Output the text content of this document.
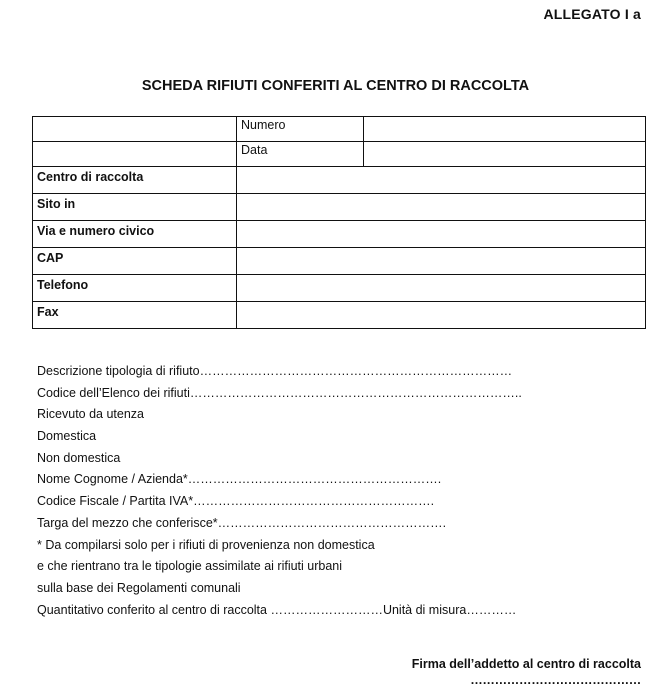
ALLEGATO I a
SCHEDA RIFIUTI CONFERITI AL CENTRO DI RACCOLTA
	Numero	
	Data	
Centro di raccolta		
Sito in		
Via e numero civico		
CAP		
Telefono		
Fax		
Descrizione tipologia di rifiuto…………………………………………………………………
Codice dell’Elenco dei rifiuti……………………………………………………………………..
Ricevuto da utenza
Domestica
Non domestica
Nome Cognome / Azienda*…………………………………………………….
Codice Fiscale / Partita IVA*………………………………………………….
Targa del mezzo che conferisce*……………………………………………….
* Da compilarsi solo per i rifiuti di provenienza non domestica
e che rientrano tra le tipologie assimilate ai rifiuti urbani
sulla base dei Regolamenti comunali
Quantitativo conferito al centro di raccolta ………………………Unità di misura…………
Firma dell’addetto al centro di raccolta
……………………………………
